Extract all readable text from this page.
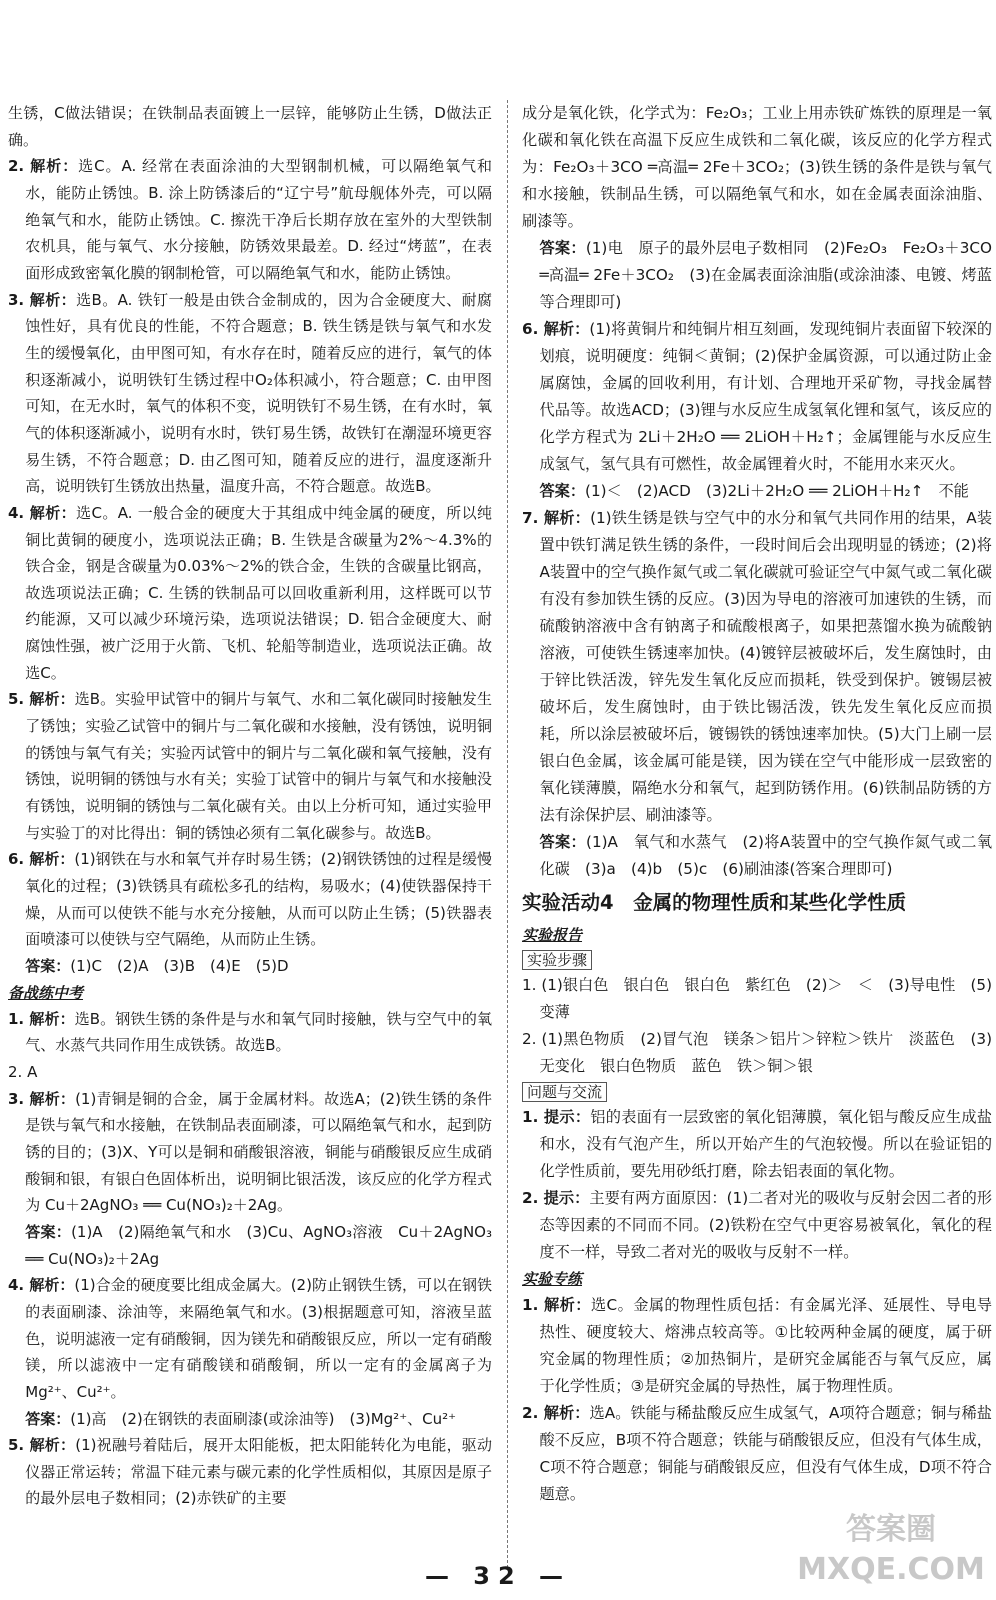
生锈，C做法错误；在铁制品表面镀上一层锌，能够防止生锈，D做法正确。

2. 解析：选C。A. 经常在表面涂油的大型钢制机械，可以隔绝氧气和水，能防止锈蚀。B. 涂上防锈漆后的“辽宁号”航母舰体外壳，可以隔绝氧气和水，能防止锈蚀。C. 擦洗干净后长期存放在室外的大型铁制农机具，能与氧气、水分接触，防锈效果最差。D. 经过“烤蓝”，在表面形成致密氧化膜的钢制枪管，可以隔绝氧气和水，能防止锈蚀。

3. 解析：选B。A. 铁钉一般是由铁合金制成的，因为合金硬度大、耐腐蚀性好，具有优良的性能，不符合题意；B. 铁生锈是铁与氧气和水发生的缓慢氧化，由甲图可知，有水存在时，随着反应的进行，氧气的体积逐渐减小，说明铁钉生锈过程中O₂体积减小，符合题意；C. 由甲图可知，在无水时，氧气的体积不变，说明铁钉不易生锈，在有水时，氧气的体积逐渐减小，说明有水时，铁钉易生锈，故铁钉在潮湿环境更容易生锈，不符合题意；D. 由乙图可知，随着反应的进行，温度逐渐升高，说明铁钉生锈放出热量，温度升高，不符合题意。故选B。

4. 解析：选C。A. 一般合金的硬度大于其组成中纯金属的硬度，所以纯铜比黄铜的硬度小，选项说法正确；B. 生铁是含碳量为2%～4.3%的铁合金，钢是含碳量为0.03%～2%的铁合金，生铁的含碳量比钢高，故选项说法正确；C. 生锈的铁制品可以回收重新利用，这样既可以节约能源，又可以减少环境污染，选项说法错误；D. 铝合金硬度大、耐腐蚀性强，被广泛用于火箭、飞机、轮船等制造业，选项说法正确。故选C。

5. 解析：选B。实验甲试管中的铜片与氧气、水和二氧化碳同时接触发生了锈蚀；实验乙试管中的铜片与二氧化碳和水接触，没有锈蚀，说明铜的锈蚀与氧气有关；实验丙试管中的铜片与二氧化碳和氧气接触，没有锈蚀，说明铜的锈蚀与水有关；实验丁试管中的铜片与氧气和水接触没有锈蚀，说明铜的锈蚀与二氧化碳有关。由以上分析可知，通过实验甲与实验丁的对比得出：铜的锈蚀必须有二氧化碳参与。故选B。

6. 解析：(1)钢铁在与水和氧气并存时易生锈；(2)钢铁锈蚀的过程是缓慢氧化的过程；(3)铁锈具有疏松多孔的结构，易吸水；(4)使铁器保持干燥，从而可以使铁不能与水充分接触，从而可以防止生锈；(5)铁器表面喷漆可以使铁与空气隔绝，从而防止生锈。

答案：(1)C　(2)A　(3)B　(4)E　(5)D

备战练中考

1. 解析：选B。钢铁生锈的条件是与水和氧气同时接触，铁与空气中的氧气、水蒸气共同作用生成铁锈。故选B。

2. A

3. 解析：(1)青铜是铜的合金，属于金属材料。故选A；(2)铁生锈的条件是铁与氧气和水接触，在铁制品表面刷漆，可以隔绝氧气和水，起到防锈的目的；(3)X、Y可以是铜和硝酸银溶液，铜能与硝酸银反应生成硝酸铜和银，有银白色固体析出，说明铜比银活泼，该反应的化学方程式为 Cu＋2AgNO₃ ══ Cu(NO₃)₂＋2Ag。

答案：(1)A　(2)隔绝氧气和水　(3)Cu、AgNO₃溶液　Cu＋2AgNO₃ ══ Cu(NO₃)₂＋2Ag

4. 解析：(1)合金的硬度要比组成金属大。(2)防止钢铁生锈，可以在钢铁的表面刷漆、涂油等，来隔绝氧气和水。(3)根据题意可知，溶液呈蓝色，说明滤液一定有硝酸铜，因为镁先和硝酸银反应，所以一定有硝酸镁，所以滤液中一定有硝酸镁和硝酸铜，所以一定有的金属离子为 Mg²⁺、Cu²⁺。

答案：(1)高　(2)在钢铁的表面刷漆(或涂油等)　(3)Mg²⁺、Cu²⁺

5. 解析：(1)祝融号着陆后，展开太阳能板，把太阳能转化为电能，驱动仪器正常运转；常温下硅元素与碳元素的化学性质相似，其原因是原子的最外层电子数相同；(2)赤铁矿的主要

成分是氧化铁，化学式为：Fe₂O₃；工业上用赤铁矿炼铁的原理是一氧化碳和氧化铁在高温下反应生成铁和二氧化碳，该反应的化学方程式为：Fe₂O₃＋3CO ═高温═ 2Fe＋3CO₂；(3)铁生锈的条件是铁与氧气和水接触，铁制品生锈，可以隔绝氧气和水，如在金属表面涂油脂、刷漆等。

答案：(1)电　原子的最外层电子数相同　(2)Fe₂O₃　Fe₂O₃＋3CO ═高温═ 2Fe＋3CO₂　(3)在金属表面涂油脂(或涂油漆、电镀、烤蓝等合理即可)

6. 解析：(1)将黄铜片和纯铜片相互刻画，发现纯铜片表面留下较深的划痕，说明硬度：纯铜＜黄铜；(2)保护金属资源，可以通过防止金属腐蚀，金属的回收利用，有计划、合理地开采矿物，寻找金属替代品等。故选ACD；(3)锂与水反应生成氢氧化锂和氢气，该反应的化学方程式为 2Li＋2H₂O ══ 2LiOH＋H₂↑；金属锂能与水反应生成氢气，氢气具有可燃性，故金属锂着火时，不能用水来灭火。

答案：(1)＜　(2)ACD　(3)2Li＋2H₂O ══ 2LiOH＋H₂↑　不能

7. 解析：(1)铁生锈是铁与空气中的水分和氧气共同作用的结果，A装置中铁钉满足铁生锈的条件，一段时间后会出现明显的锈迹；(2)将A装置中的空气换作氮气或二氧化碳就可验证空气中氮气或二氧化碳有没有参加铁生锈的反应。(3)因为导电的溶液可加速铁的生锈，而硫酸钠溶液中含有钠离子和硫酸根离子，如果把蒸馏水换为硫酸钠溶液，可使铁生锈速率加快。(4)镀锌层被破坏后，发生腐蚀时，由于锌比铁活泼，锌先发生氧化反应而损耗，铁受到保护。镀锡层被破坏后，发生腐蚀时，由于铁比锡活泼，铁先发生氧化反应而损耗，所以涂层被破坏后，镀锡铁的锈蚀速率加快。(5)大门上刷一层银白色金属，该金属可能是镁，因为镁在空气中能形成一层致密的氧化镁薄膜，隔绝水分和氧气，起到防锈作用。(6)铁制品防锈的方法有涂保护层、刷油漆等。

答案：(1)A　氧气和水蒸气　(2)将A装置中的空气换作氮气或二氧化碳　(3)a　(4)b　(5)c　(6)刷油漆(答案合理即可)

实验活动4　金属的物理性质和某些化学性质
实验报告
实验步骤

1. (1)银白色　银白色　银白色　紫红色　(2)＞　＜　(3)导电性　(5)变薄

2. (1)黑色物质　(2)冒气泡　镁条＞铝片＞锌粒＞铁片　淡蓝色　(3)无变化　银白色物质　蓝色　铁＞铜＞银

问题与交流

1. 提示：铝的表面有一层致密的氧化铝薄膜，氧化铝与酸反应生成盐和水，没有气泡产生，所以开始产生的气泡较慢。所以在验证铝的化学性质前，要先用砂纸打磨，除去铝表面的氧化物。

2. 提示：主要有两方面原因：(1)二者对光的吸收与反射会因二者的形态等因素的不同而不同。(2)铁粉在空气中更容易被氧化，氧化的程度不一样，导致二者对光的吸收与反射不一样。

实验专练

1. 解析：选C。金属的物理性质包括：有金属光泽、延展性、导电导热性、硬度较大、熔沸点较高等。①比较两种金属的硬度，属于研究金属的物理性质；②加热铜片，是研究金属能否与氧气反应，属于化学性质；③是研究金属的导热性，属于物理性质。

2. 解析：选A。铁能与稀盐酸反应生成氢气，A项符合题意；铜与稀盐酸不反应，B项不符合题意；铁能与硝酸银反应，但没有气体生成，C项不符合题意；铜能与硝酸银反应，但没有气体生成，D项不符合题意。

— 32 —
答案圈 MXQE.COM
